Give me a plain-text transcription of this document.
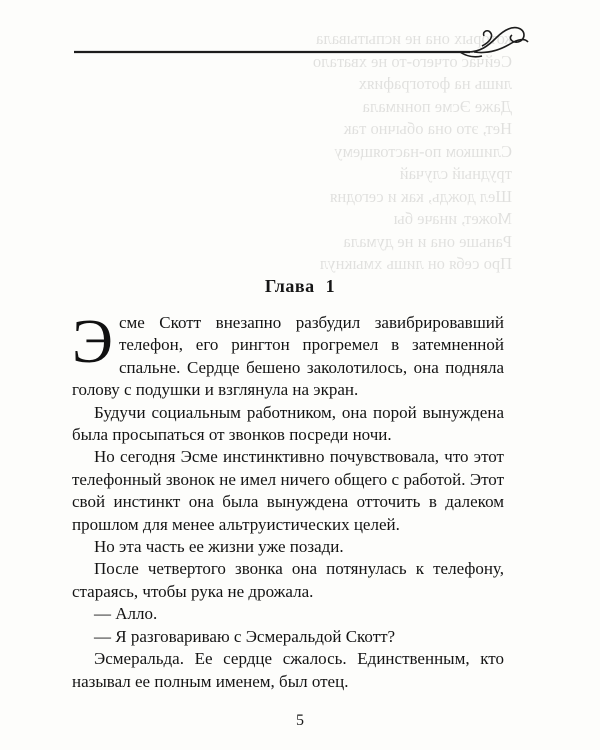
которых она не испытывала
Сейчас отчего-то не хватало
лишь на фотографиях
Даже Эсме понимала
Нет, это она обычно так
Слишком по-настоящему
трудный случай
Шел дождь, как и сегодня
Может, иначе бы
Раньше она и не думала
Про себя он лишь хмыкнул
Глава 1
Э сме Скотт внезапно разбудил завибрировавший телефон, его рингтон прогремел в затемненной спальне. Сердце бешено заколотилось, она подняла голову с подушки и взглянула на экран.

Будучи социальным работником, она порой вынуждена была просыпаться от звонков посреди ночи.

Но сегодня Эсме инстинктивно почувствовала, что этот телефонный звонок не имел ничего общего с работой. Этот свой инстинкт она была вынуждена отточить в далеком прошлом для менее альтруистических целей.

Но эта часть ее жизни уже позади.

После четвертого звонка она потянулась к телефону, стараясь, чтобы рука не дрожала.

— Алло.

— Я разговариваю с Эсмеральдой Скотт?

Эсмеральда. Ее сердце сжалось. Единственным, кто называл ее полным именем, был отец.

5
